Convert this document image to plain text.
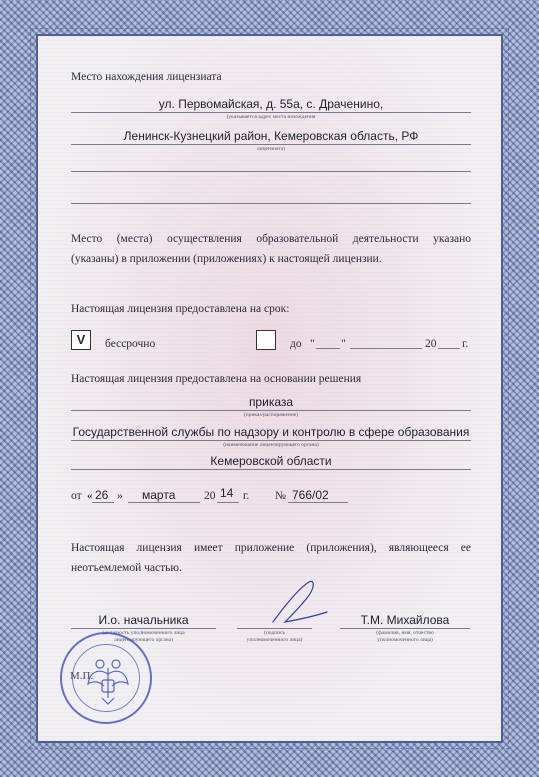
Место нахождения лицензиата
ул. Первомайская, д. 55а, с. Драченино,
(указывается адрес места нахождения
Ленинск-Кузнецкий район, Кемеровская область, РФ
лицензиата)
Место (места) осуществления образовательной деятельности указано
(указаны) в приложении (приложениях) к настоящей лицензии.
Настоящая лицензия предоставлена на срок:
V	бессрочно	до " "	20 г.
Настоящая лицензия предоставлена на основании решения
приказа
(приказ/распоряжение)
Государственной службы по надзору и контролю в сфере образования
(наименование лицензирующего органа)
Кемеровской области
от « 26 » марта 20 14 г. № 766/02
Настоящая лицензия имеет приложение (приложения), являющееся ее
неотъемлемой частью.
И.о. начальника
(должность уполномоченного лица
лицензирующего органа)
(подпись
уполномоченного лица)
Т.М. Михайлова
(фамилия, имя, отчество
уполномоченного лица)
М.П.
